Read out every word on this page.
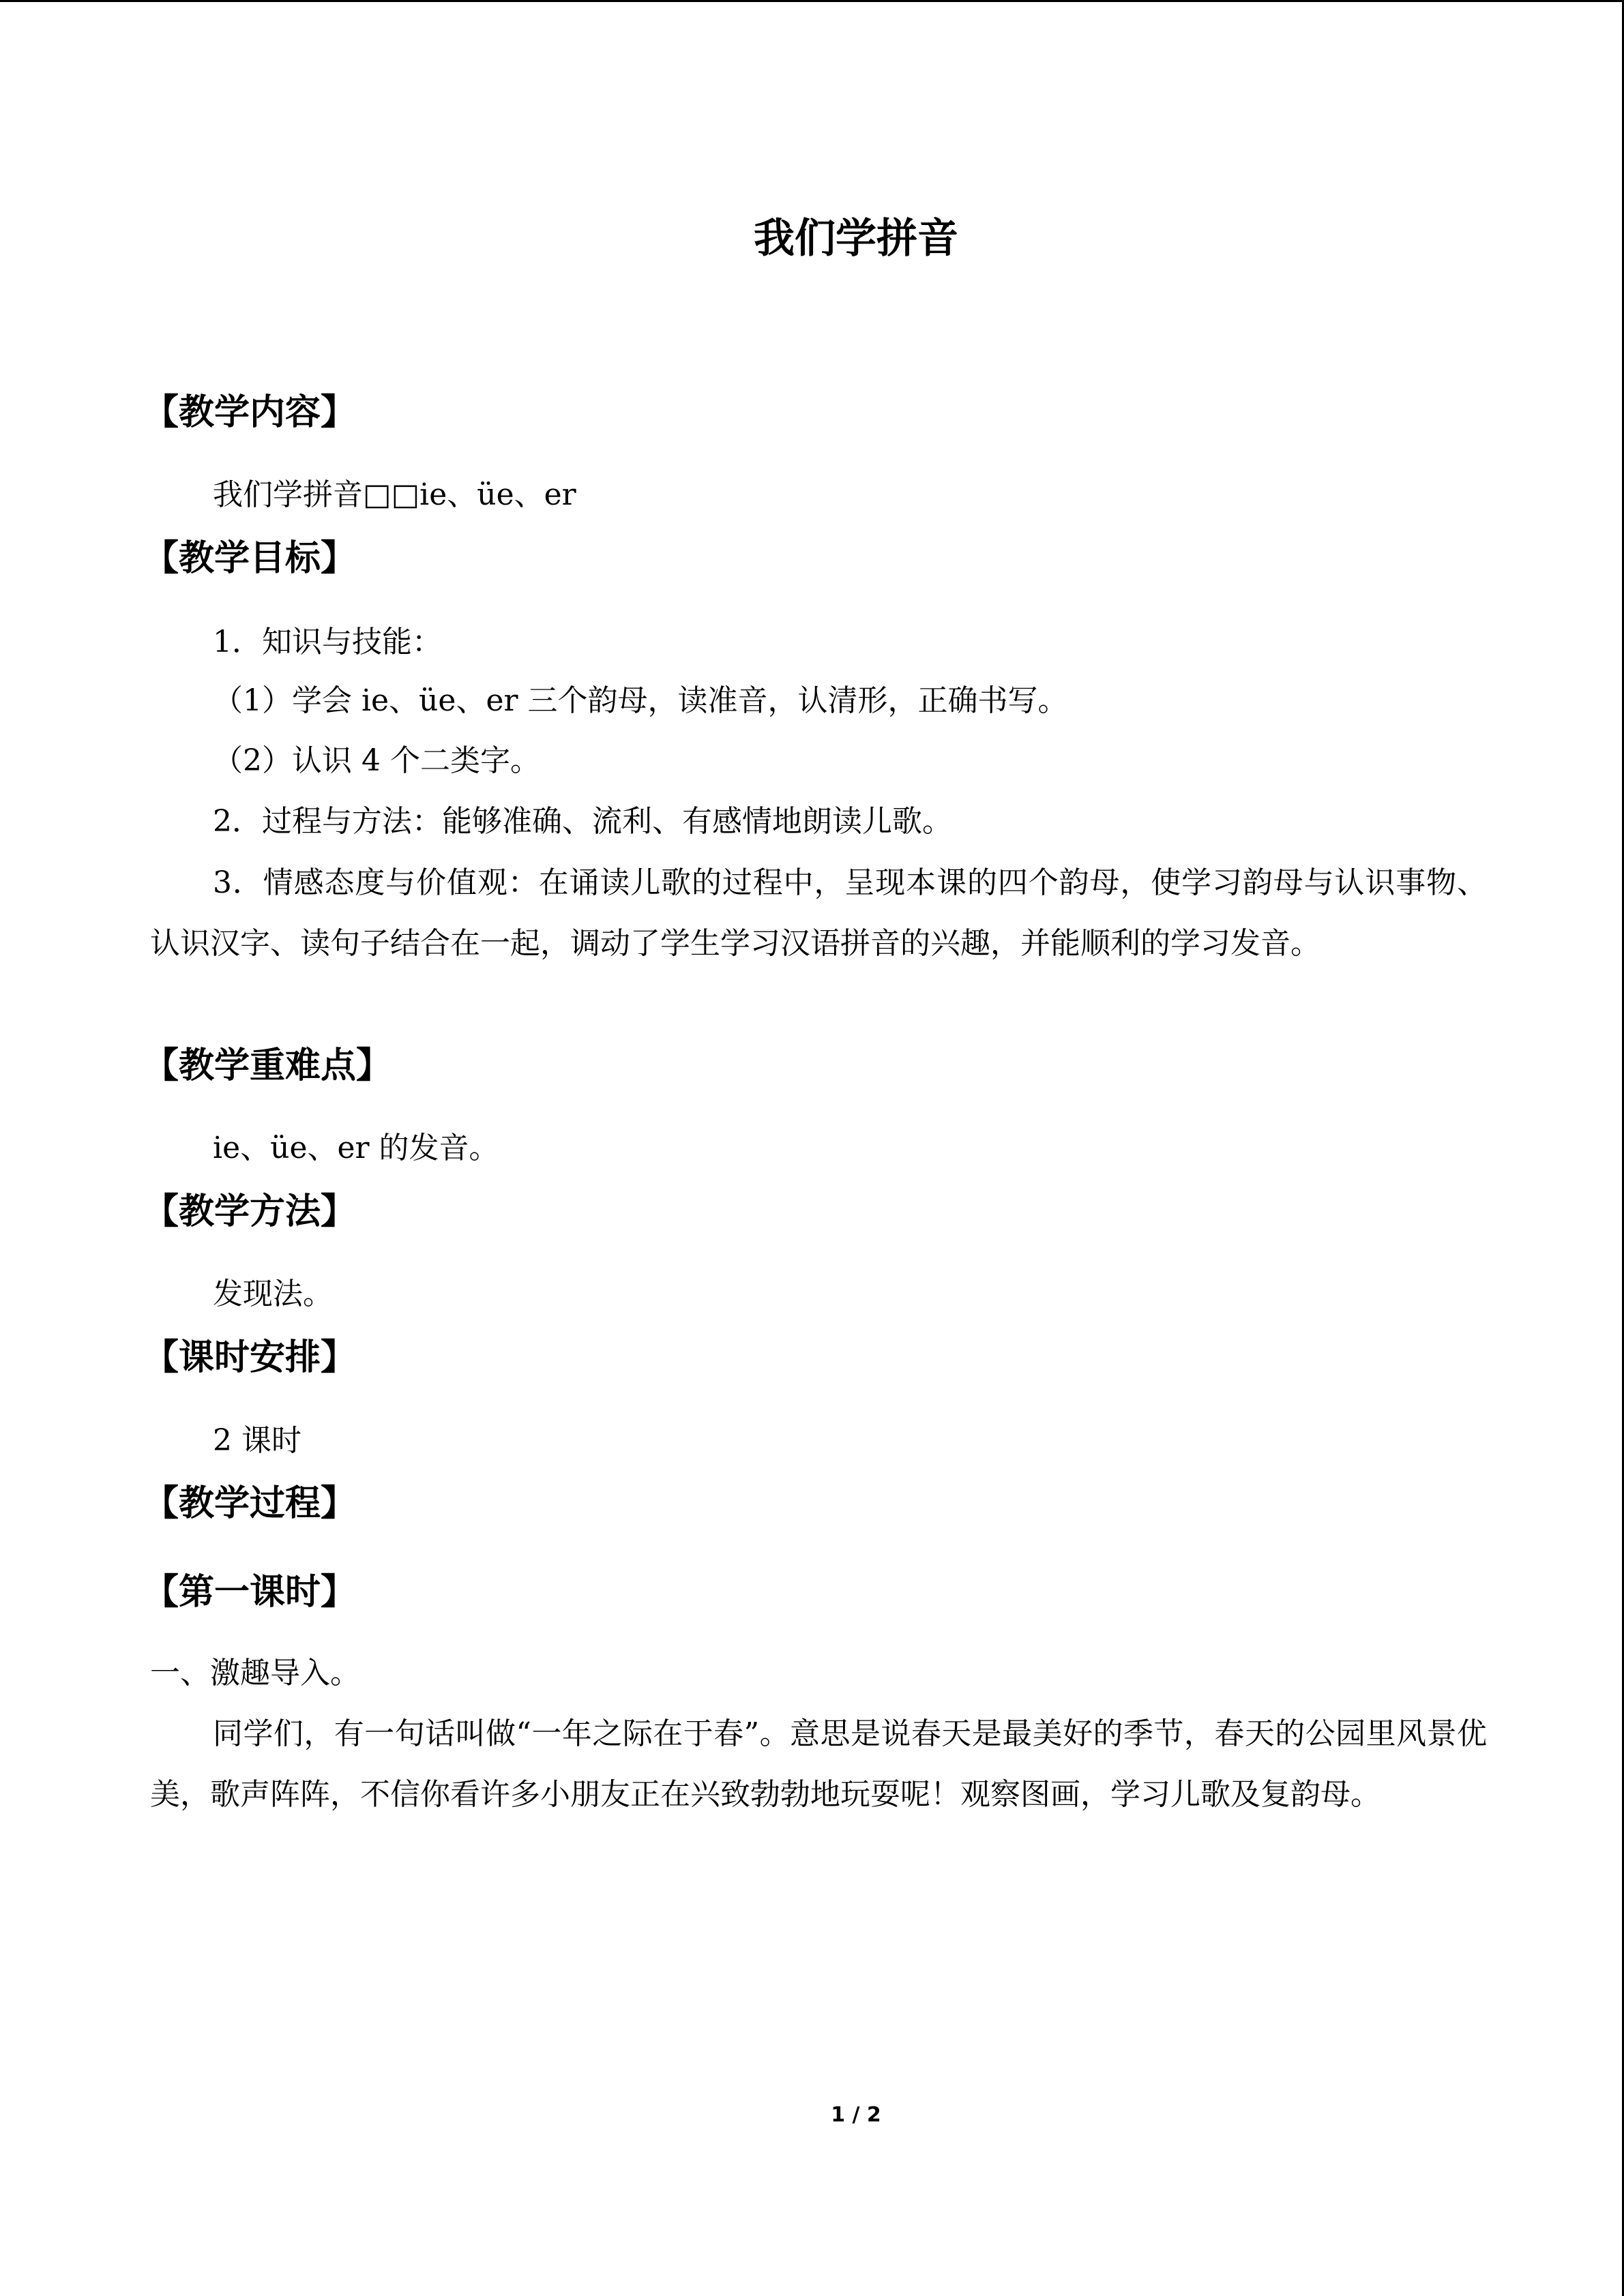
我们学拼音
【教学内容】
我们学拼音□□ie、üe、er
【教学目标】
1．知识与技能：
（1）学会 ie、üe、er 三个韵母，读准音，认清形，正确书写。
（2）认识 4 个二类字。
2．过程与方法：能够准确、流利、有感情地朗读儿歌。
3．情感态度与价值观：在诵读儿歌的过程中，呈现本课的四个韵母，使学习韵母与认识事物、认识汉字、读句子结合在一起，调动了学生学习汉语拼音的兴趣，并能顺利的学习发音。
【教学重难点】
ie、üe、er 的发音。
【教学方法】
发现法。
【课时安排】
2 课时
【教学过程】
【第一课时】
一、激趣导入。
同学们，有一句话叫做“一年之际在于春”。意思是说春天是最美好的季节，春天的公园里风景优美，歌声阵阵，不信你看许多小朋友正在兴致勃勃地玩耍呢！观察图画，学习儿歌及复韵母。
1 / 2
